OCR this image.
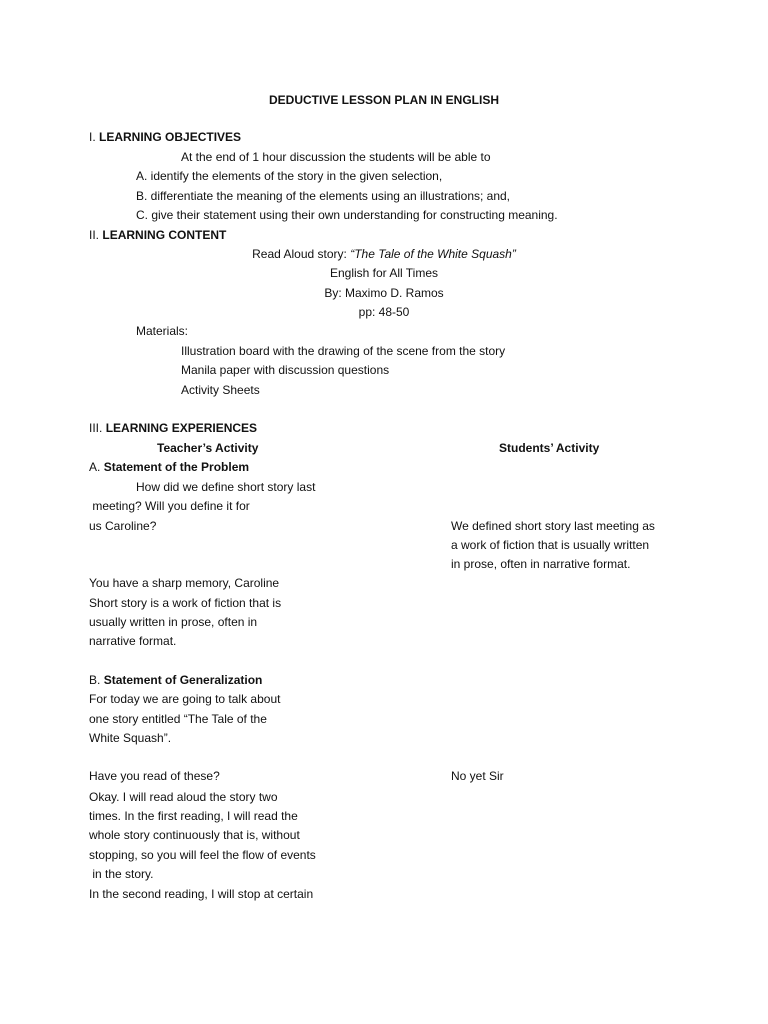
DEDUCTIVE LESSON PLAN IN ENGLISH
I. LEARNING OBJECTIVES
At the end of 1 hour discussion the students will be able to
A. identify the elements of the story in the given selection,
B. differentiate the meaning of the elements using an illustrations; and,
C. give their statement using their own understanding for constructing meaning.
II. LEARNING CONTENT
Read Aloud story: “The Tale of the White Squash”
English for All Times
By: Maximo D. Ramos
pp: 48-50
Materials:
Illustration board with the drawing of the scene from the story
Manila paper with discussion questions
Activity Sheets
III. LEARNING EXPERIENCES
Teacher’s Activity	Students’ Activity
A. Statement of the Problem
How did we define short story last
meeting? Will you define it for
us Caroline?	We defined short story last meeting as
a work of fiction that is usually written
in prose, often in narrative format.
You have a sharp memory, Caroline
Short story is a work of fiction that is
usually written in prose, often in
narrative format.
B. Statement of Generalization
For today we are going to talk about
one story entitled “The Tale of the
White Squash”.
Have you read of these?	No yet Sir
Okay. I will read aloud the story two
times. In the first reading, I will read the
whole story continuously that is, without
stopping, so you will feel the flow of events
in the story.
In the second reading, I will stop at certain
